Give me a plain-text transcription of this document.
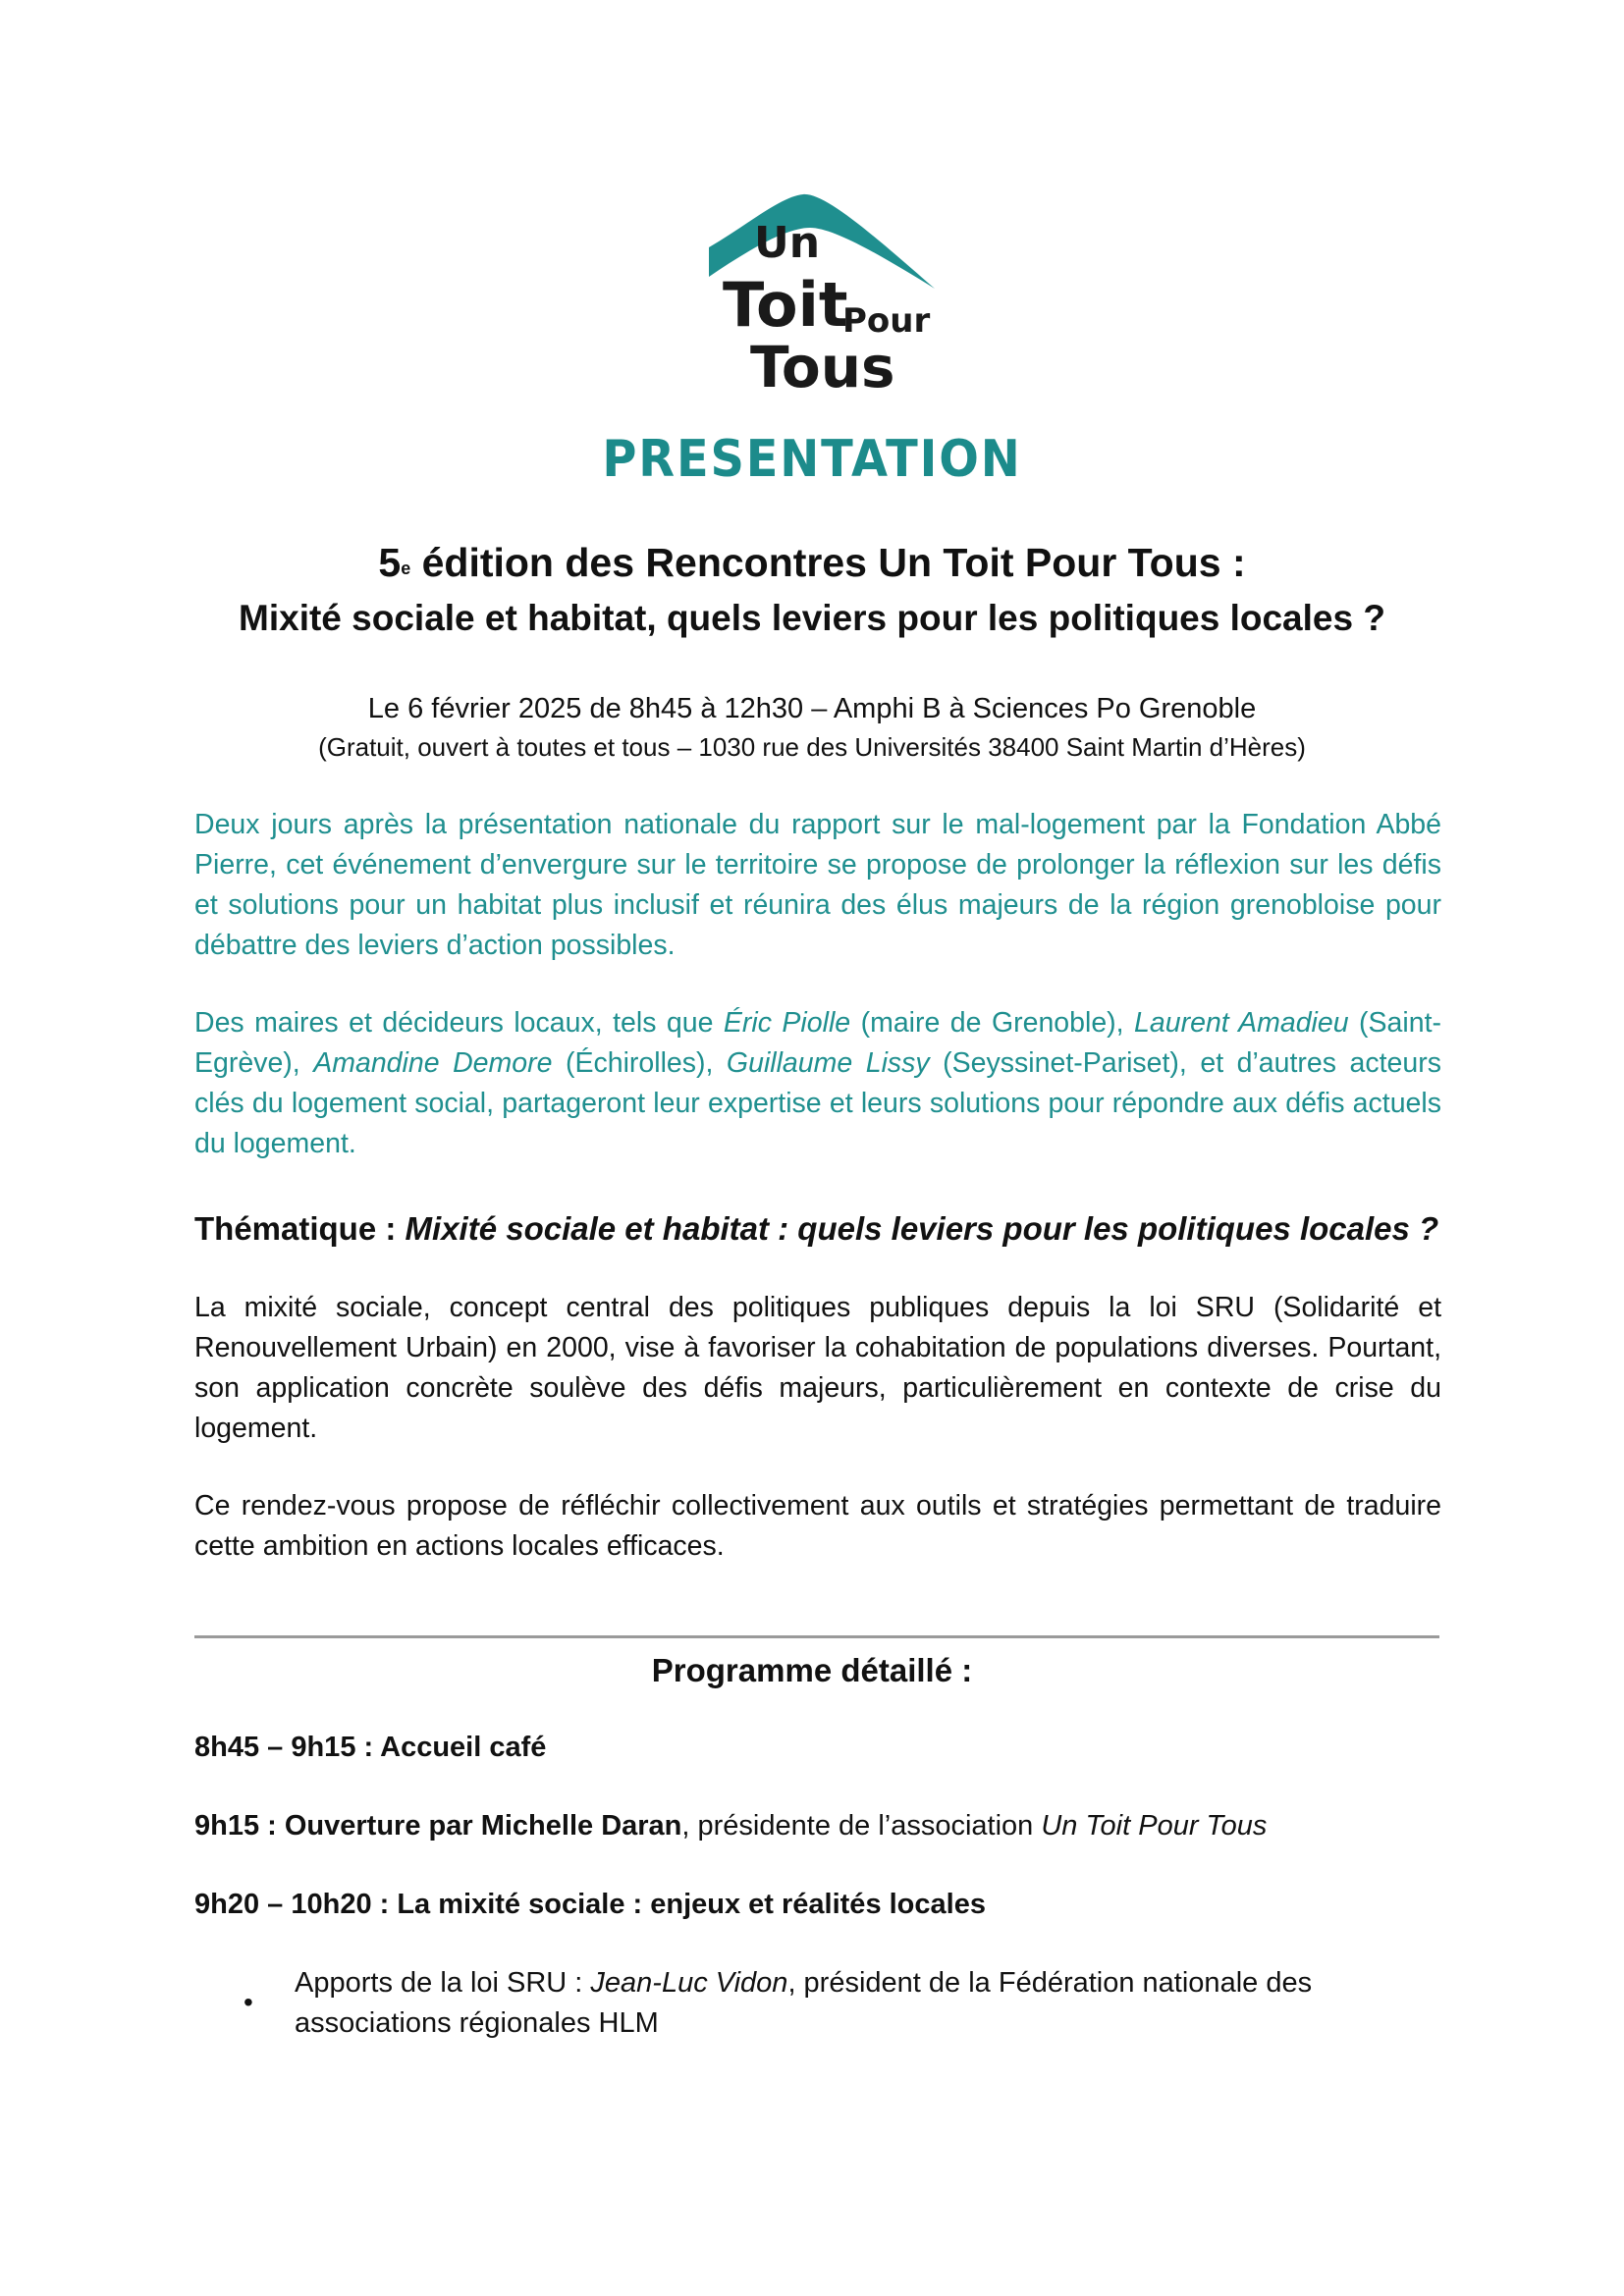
Un
Toit
Pour
Tous
PRESENTATION
5e édition des Rencontres Un Toit Pour Tous :
Mixité sociale et habitat, quels leviers pour les politiques locales ?
Le 6 février 2025 de 8h45 à 12h30 – Amphi B à Sciences Po Grenoble
(Gratuit, ouvert à toutes et tous – 1030 rue des Universités 38400 Saint Martin d’Hères)
Deux jours après la présentation nationale du rapport sur le mal-logement par la Fondation Abbé Pierre, cet événement d’envergure sur le territoire se propose de prolonger la réflexion sur les défis et solutions pour un habitat plus inclusif et réunira des élus majeurs de la région grenobloise pour débattre des leviers d’action possibles.
Des maires et décideurs locaux, tels que Éric Piolle (maire de Grenoble), Laurent Amadieu (Saint-Egrève), Amandine Demore (Échirolles), Guillaume Lissy (Seyssinet-Pariset), et d’autres acteurs clés du logement social, partageront leur expertise et leurs solutions pour répondre aux défis actuels du logement.
Thématique : Mixité sociale et habitat : quels leviers pour les politiques locales ?
La mixité sociale, concept central des politiques publiques depuis la loi SRU (Solidarité et Renouvellement Urbain) en 2000, vise à favoriser la cohabitation de populations diverses. Pourtant, son application concrète soulève des défis majeurs, particulièrement en contexte de crise du logement.
Ce rendez-vous propose de réfléchir collectivement aux outils et stratégies permettant de traduire cette ambition en actions locales efficaces.
Programme détaillé :
8h45 – 9h15 : Accueil café
9h15 : Ouverture par Michelle Daran, présidente de l’association Un Toit Pour Tous
9h20 – 10h20 : La mixité sociale : enjeux et réalités locales
•
Apports de la loi SRU : Jean-Luc Vidon, président de la Fédération nationale des associations régionales HLM
